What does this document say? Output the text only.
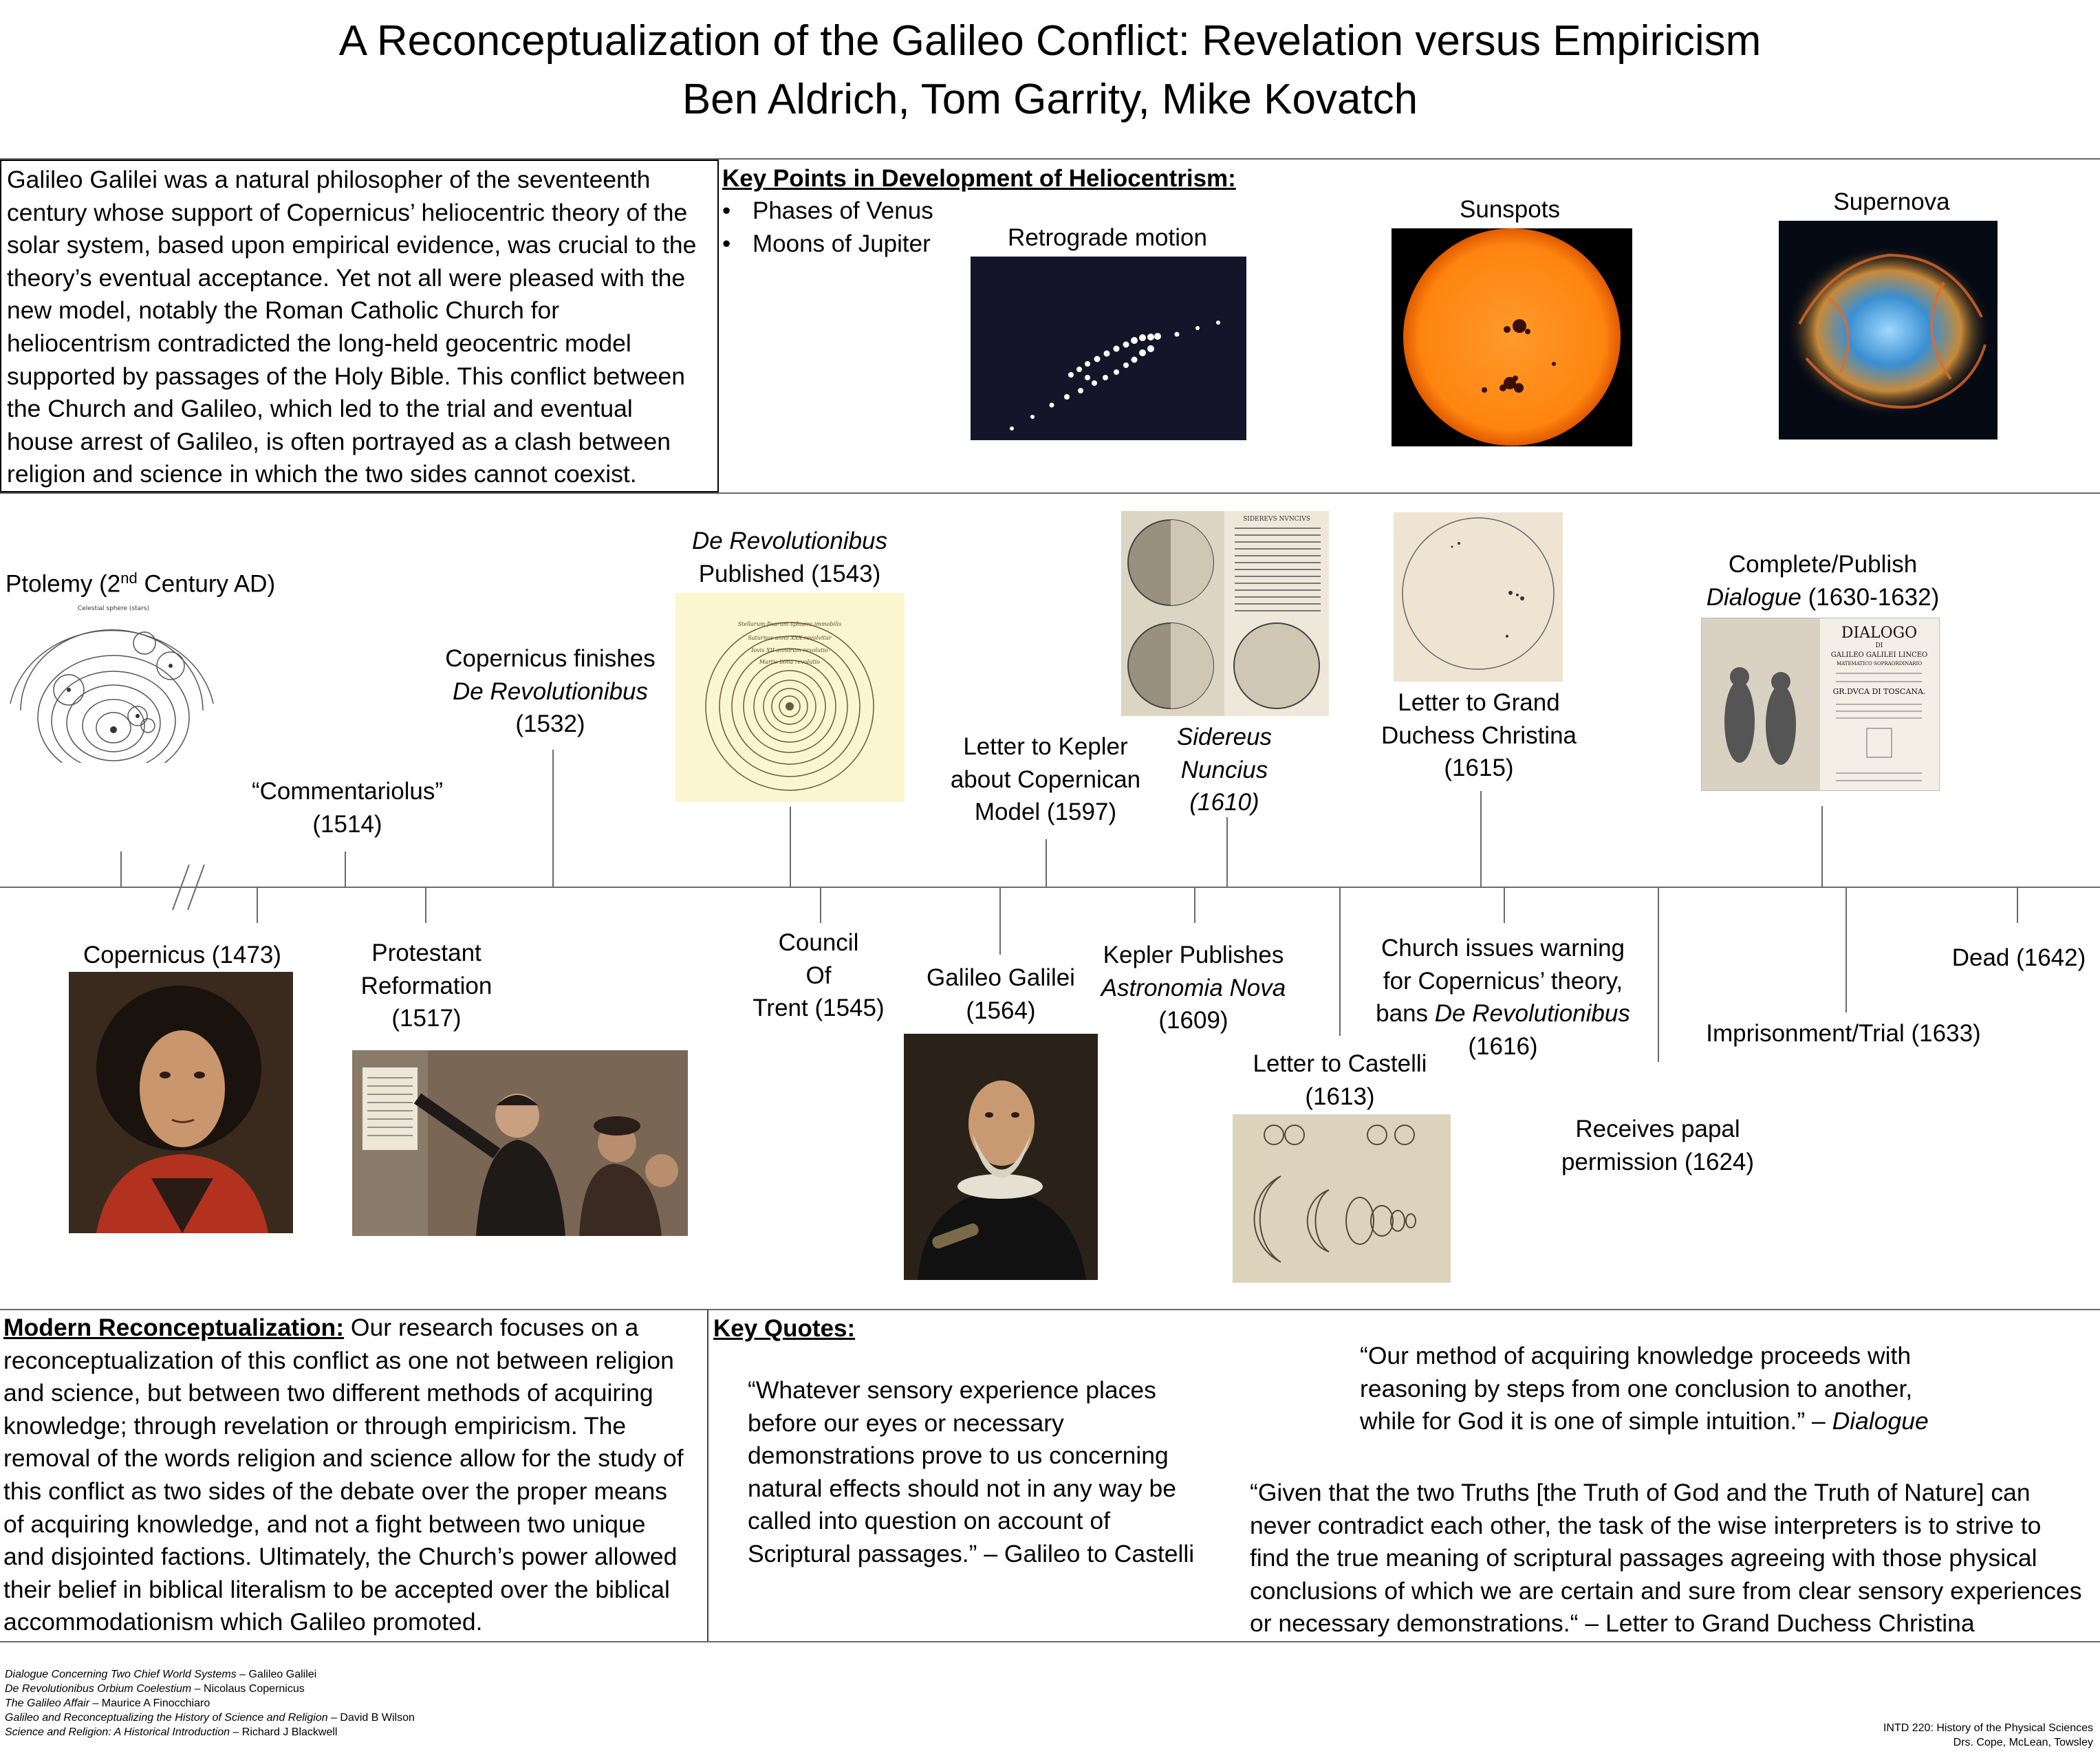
A Reconceptualization of the Galileo Conflict: Revelation versus Empiricism
Ben Aldrich, Tom Garrity, Mike Kovatch
Galileo Galilei was a natural philosopher of the seventeenth
century whose support of Copernicus’ heliocentric theory of the
solar system, based upon empirical evidence, was crucial to the
theory’s eventual acceptance. Yet not all were pleased with the
new model, notably the Roman Catholic Church for
heliocentrism contradicted the long-held geocentric model
supported by passages of the Holy Bible. This conflict between
the Church and Galileo, which led to the trial and eventual
house arrest of Galileo, is often portrayed as a clash between
religion and science in which the two sides cannot coexist.
Key Points in Development of Heliocentrism:
• Phases of Venus
• Moons of Jupiter	Retrograde motion
Sunspots	Supernova
Ptolemy (2nd Century AD)
Celestial sphere (stars)
“Commentariolus”
(1514)
Copernicus finishes
De Revolutionibus
(1532)
De Revolutionibus
Published (1543)
Stellarum fixarum sphaera immobilis
Saturnus anno XXX revolvitur
Iovis XII annorum revolutio
Martis bima revolutio
Letter to Kepler
about Copernican
Model (1597)
SIDEREVS NVNCIVS
Sidereus
Nuncius
(1610)
Letter to Grand
Duchess Christina
(1615)
Complete/Publish
Dialogue (1630-1632)
DIALOGO
DI
GALILEO GALILEI LINCEO
MATEMATICO SOPRAORDINARIO
GR.DVCA DI TOSCANA.
Copernicus (1473)	Protestant
Reformation
(1517)
Council
Of
Trent (1545)
Galileo Galilei
(1564)
Kepler Publishes
Astronomia Nova
(1609)
Letter to Castelli
(1613)
Church issues warning
for Copernicus’ theory,
bans De Revolutionibus
(1616)
Receives papal
permission (1624)
Imprisonment/Trial (1633)
Dead (1642)
Modern Reconceptualization: Our research focuses on a
reconceptualization of this conflict as one not between religion
and science, but between two different methods of acquiring
knowledge; through revelation or through empiricism. The
removal of the words religion and science allow for the study of
this conflict as two sides of the debate over the proper means
of acquiring knowledge, and not a fight between two unique
and disjointed factions. Ultimately, the Church’s power allowed
their belief in biblical literalism to be accepted over the biblical
accommodationism which Galileo promoted.
Key Quotes:
“Whatever sensory experience places
before our eyes or necessary
demonstrations prove to us concerning
natural effects should not in any way be
called into question on account of
Scriptural passages.” – Galileo to Castelli
“Our method of acquiring knowledge proceeds with
reasoning by steps from one conclusion to another,
while for God it is one of simple intuition.” – Dialogue
“Given that the two Truths [the Truth of God and the Truth of Nature] can
never contradict each other, the task of the wise interpreters is to strive to
find the true meaning of scriptural passages agreeing with those physical
conclusions of which we are certain and sure from clear sensory experiences
or necessary demonstrations.“ – Letter to Grand Duchess Christina
Dialogue Concerning Two Chief World Systems – Galileo Galilei
De Revolutionibus Orbium Coelestium – Nicolaus Copernicus
The Galileo Affair – Maurice A Finocchiaro
Galileo and Reconceptualizing the History of Science and Religion – David B Wilson
Science and Religion: A Historical Introduction – Richard J Blackwell	INTD 220: History of the Physical Sciences
Drs. Cope, McLean, Towsley
